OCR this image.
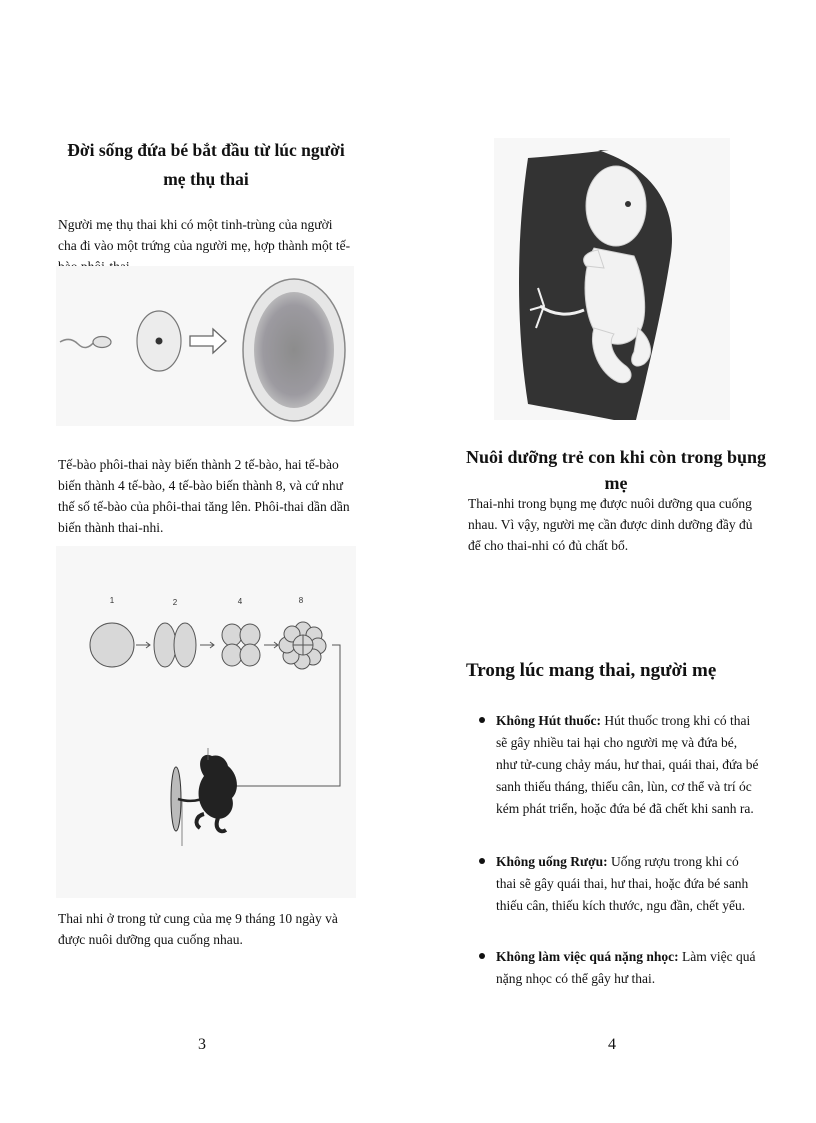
Đời sống đứa bé bắt đầu từ lúc người mẹ thụ thai
Người mẹ thụ thai khi có một tinh-trùng của người cha đi vào một trứng của người mẹ, hợp thành một tế-
Tế-bào phôi-thai này biến thành 2 tế-bào, hai tế-bào biến thành 4 tế-bào, 4 tế-bào biến thành 8, và cứ như thế số tế-bào của phôi-thai tăng lên. Phôi-thai dần dần biến thành thai-nhi.
1	2	4	8
Thai nhi ở trong tử cung của mẹ 9 tháng 10 ngày và được nuôi dưỡng qua cuống nhau.
3
Nuôi dưỡng trẻ con khi còn trong bụng mẹ
Thai-nhi trong bụng mẹ được nuôi dưỡng qua cuống nhau. Vì vậy, người mẹ cần được dinh dưỡng đầy đủ để cho thai-nhi có đủ chất bổ.
Trong lúc mang thai, người mẹ
Không Hút thuốc: Hút thuốc trong khi có thai sẽ gây nhiều tai hại cho người mẹ và đứa bé, như tử-cung chảy máu, hư thai, quái thai, đứa bé sanh thiếu tháng, thiếu cân, lùn, cơ thể và trí óc kém phát triển, hoặc đứa bé đã chết khi sanh ra.
Không uống Rượu: Uống rượu trong khi có thai sẽ gây quái thai, hư thai, hoặc đứa bé sanh thiếu cân, thiếu kích thước, ngu đần, chết yểu.
Không làm việc quá nặng nhọc: Làm việc quá nặng nhọc có thể gây hư thai.
4
